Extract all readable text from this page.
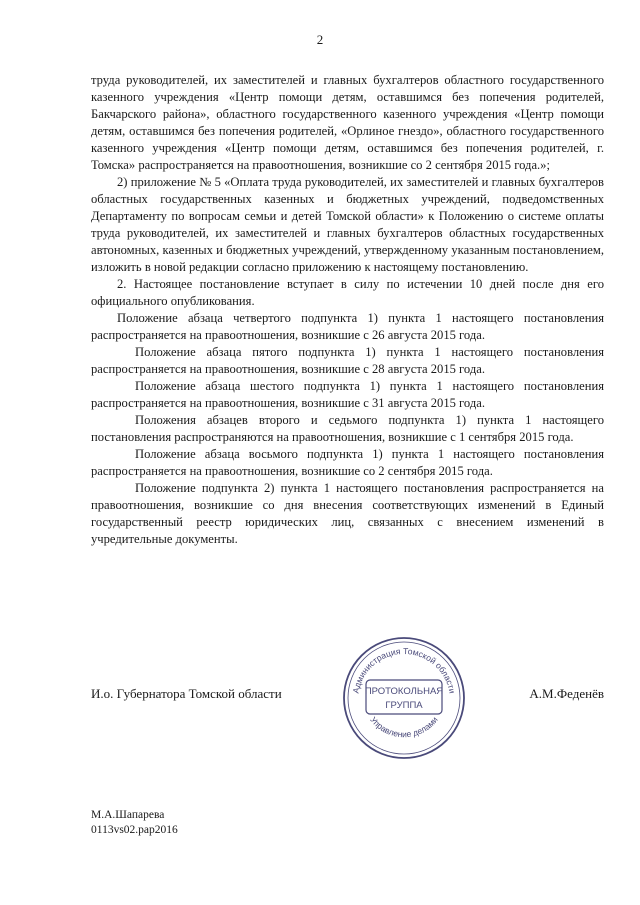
2

труда руководителей, их заместителей и главных бухгалтеров областного государственного казенного учреждения «Центр помощи детям, оставшимся без попечения родителей, Бакчарского района», областного государственного казенного учреждения «Центр помощи детям, оставшимся без попечения родителей, «Орлиное гнездо», областного государственного казенного учреждения «Центр помощи детям, оставшимся без попечения родителей, г. Томска» распространяется на правоотношения, возникшие со 2 сентября 2015 года.»;

2) приложение № 5 «Оплата труда руководителей, их заместителей и главных бухгалтеров областных государственных казенных и бюджетных учреждений, подведомственных Департаменту по вопросам семьи и детей Томской области» к Положению о системе оплаты труда руководителей, их заместителей и главных бухгалтеров областных государственных автономных, казенных и бюджетных учреждений, утвержденному указанным постановлением, изложить в новой редакции согласно приложению к настоящему постановлению.

2. Настоящее постановление вступает в силу по истечении 10 дней после дня его официального опубликования.

Положение абзаца четвертого подпункта 1) пункта 1 настоящего постановления распространяется на правоотношения, возникшие с 26 августа 2015 года.

Положение абзаца пятого подпункта 1) пункта 1 настоящего постановления распространяется на правоотношения, возникшие с 28 августа 2015 года.

Положение абзаца шестого подпункта 1) пункта 1 настоящего постановления распространяется на правоотношения, возникшие с 31 августа 2015 года.

Положения абзацев второго и седьмого подпункта 1) пункта 1 настоящего постановления распространяются на правоотношения, возникшие с 1 сентября 2015 года.

Положение абзаца восьмого подпункта 1) пункта 1 настоящего постановления распространяется на правоотношения, возникшие со 2 сентября 2015 года.

Положение подпункта 2) пункта 1 настоящего постановления распространяется на правоотношения, возникшие со дня внесения соответствующих изменений в Единый государственный реестр юридических лиц, связанных с внесением изменений в учредительные документы.

И.о. Губернатора Томской области	А.М.Феденёв
Администрация Томской области
Управление делами
ПРОТОКОЛЬНАЯ
ГРУППА
М.А.Шапарева
0113vs02.pap2016
